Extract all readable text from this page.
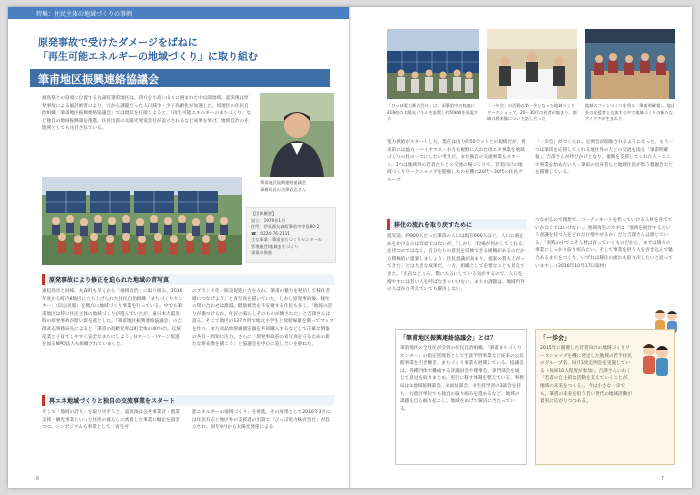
特集：住民主体の地域づくりの事例
原発事故で受けたダメージをばねに
「再生可能エネルギーの地域づくり」に取り組む
筆甫地区振興連絡協議会
福島県との県境に位置する丸森町筆甫地区は、四方を小高い山々に囲まれた中山間地域。震災後は原発事故による風評被害により、元から課題だった人口減少・少子高齢化が加速した。同地区の住民自治組織「筆甫地区振興連絡協議会」では現状を打破しようと、「再生可能エネルギーのまちづくり」など独自の地域振興策を推進。住民出資の太陽光発電会社が設立されるなど成果を挙げ、地域自治の先進例としても注目されている。
筆甫地区振興連絡協議会
事務局長の吉澤武志さん
【団体概要】
設立：1979年1月
住所：伊具郡丸森町筆甫字中島80-2
☎：0224-76-2111
主な事業：筆甫まちづくりセンターの
管理運営/地域まちづくり
事業の推進
原発事故により修正を迫られた地域の青写真
東松島市と同様、丸森町も早くから「地域自治」に取り組み、2010年度から町内8地区に立ち上げられた住民自治組織「まちづくりセンター」（旧公民館）を拠点に地域づくり事業を行っている。中でも筆甫地区は特に住民主体の地域づくりが進んでいたが、東日本大震災時の原発事故が暗い影を落とした。「筆甫地区振興連絡協議会」の吉澤武志事務局長によると「筆甫の高齢化率は町全体の40％台。伝統産業と子育てしやすく安全なまちにしよう、Uターン・Iターン促進を図るNPO法人も組織されていました。
のブランド化・販売促進に力を入れ、筆甫の魅力を発信して移住者増につなげよう」と青写真を描いていた。しかし原発事故後、移住の問い合わせは激減。健康被害を不安視する住民も多く、「地域の誇りが傷つけられ、住民の暮らしそのものが壊された」と吉澤さんは語る。そこで地区の137カ所で地元小学生と放射線量を測ってマップを作り、また食品放射線測定器を共同購入するなどして正確な情報の共有・周知に注力。さらに「原発事故前の青写真を守るための新たな将来像を描こう」と協議会を中心に話し合いを重ねた。
再エネ地域づくりと独自の交流事業をスタート
そして「地域の誇り」を取り戻そうと、震災後は公共事業計・農業支援・観光事業といった住民の暮らしに密着した事業に軸足を置きつつ、シンポジウムも事業として「再生可
能エネルギーの地域づくり」を推進。その成果として2016年3月には住民有志と地区外の支援者の出資で「ひっぽ電力株式会社」が設立され、同年9月から太陽光発電による
6
「ひっぽ電力株式会社」は、旧筆甫中の校庭に218枚の太陽光パネルを設置し約50kWを発電する
「一歩会」の活動の第一歩となった地域づくりワークショップ。20〜30代の若者が集まり、地域の将来像について話し合った
地域のファンづくりを図る「筆甫明確報」。地区外の応援者と交流する中で地域づくりの新たなアイデアが生まれた
電力供給がスタートした。現在は出力約50ワットとの規模だが、将来的には風力・バイオマス・水力も視野に入れた再エネ事業を地域づくりの柱の一つにしたい考えだ。また独自の交流事業もスタート。1つは地域外の若者たちとの交流の場づくりで、若者向けの地域づくりワークショップを開催したのを機に20代〜30代の住民グループ
「一歩会」がつくられ、定例会が開催されるようになった。もう一つは筆甫を応援してくれる地区外の人との交流を図る「筆甫明確報」。吉澤さんが呼びかけとなり、復興を支援してくれた人・ここで事業を始めたい人・筆甫の出身者らと地域住民が集う懇親会などを開催している。
移住の流れを取り戻すために
震災前、約800人だった筆甫の人口は現在600人ほど。人口に歯止めをかけるのは容易ではないが、「しかし「役場が何かしてくれる」を待つのではなく、自分たちの意見を反映できる組織があるのだから積極的に提案しましょう」住民意識が高まり、提案の質も上がってきた」とは大きな成果だ。一方、組織として必要なことも見えてきた。「正直なところ、僕に入るにしている気がするので、人口を増やすには若い人を呼ばなきゃいけない。まちの課題は、地域内外の人ばかり考えていても解決しない。
つながるので理想で、コーディネートを担っていける人材を育てていかなくてはいけない」。地域再生のカギは「地域を経営するという意識を持つ人をどれだけ増やせるか」だと吉澤さんは感じている。「実践の中でこそ人材は育っていくものだから、まずは個々の事業にしっかり取り組みたい。そして事業を担う人を巻き込んで魅力あるまちをつくり、いずれは移住の流れも取り戻したいと思っています」。（2016年10月17日取材）
「筆甫地区振興連絡協議会」とは？
筆甫地区の全住民が会員の住民自治組織。「筆甫まちづくりセンター」の指定管理者として生涯学習事業など従来の公民館事業を引き継ぎ、まちづくり事業も展開している。協議会は、各種団体で構成する評議員会や理事会、専門部会を通じて意見を取りまとめ、実行に移す体制を整えている。事務局は①地域振興部会、②福祉部会、③生涯学習の3部会を持ち、行政区単位でも独自の取り組みを進めるなど、地域の課題を自ら掘り起こし、地域をあげて解決に当たっている。
「一歩会」
2015年に開催した若者向けの地域づくりワークショップを機に発足した地域の若手住民のグループ名。毎月1度定例会を実施している（毎回10人程度が参加）。吉澤さんいわく「若者の自主的な活動を支えていくことが、地域の未来をつくる」。今は小さな一歩でも、筆甫の未来を担う若い世代の地域活動が着実に広がりつつある。
7
